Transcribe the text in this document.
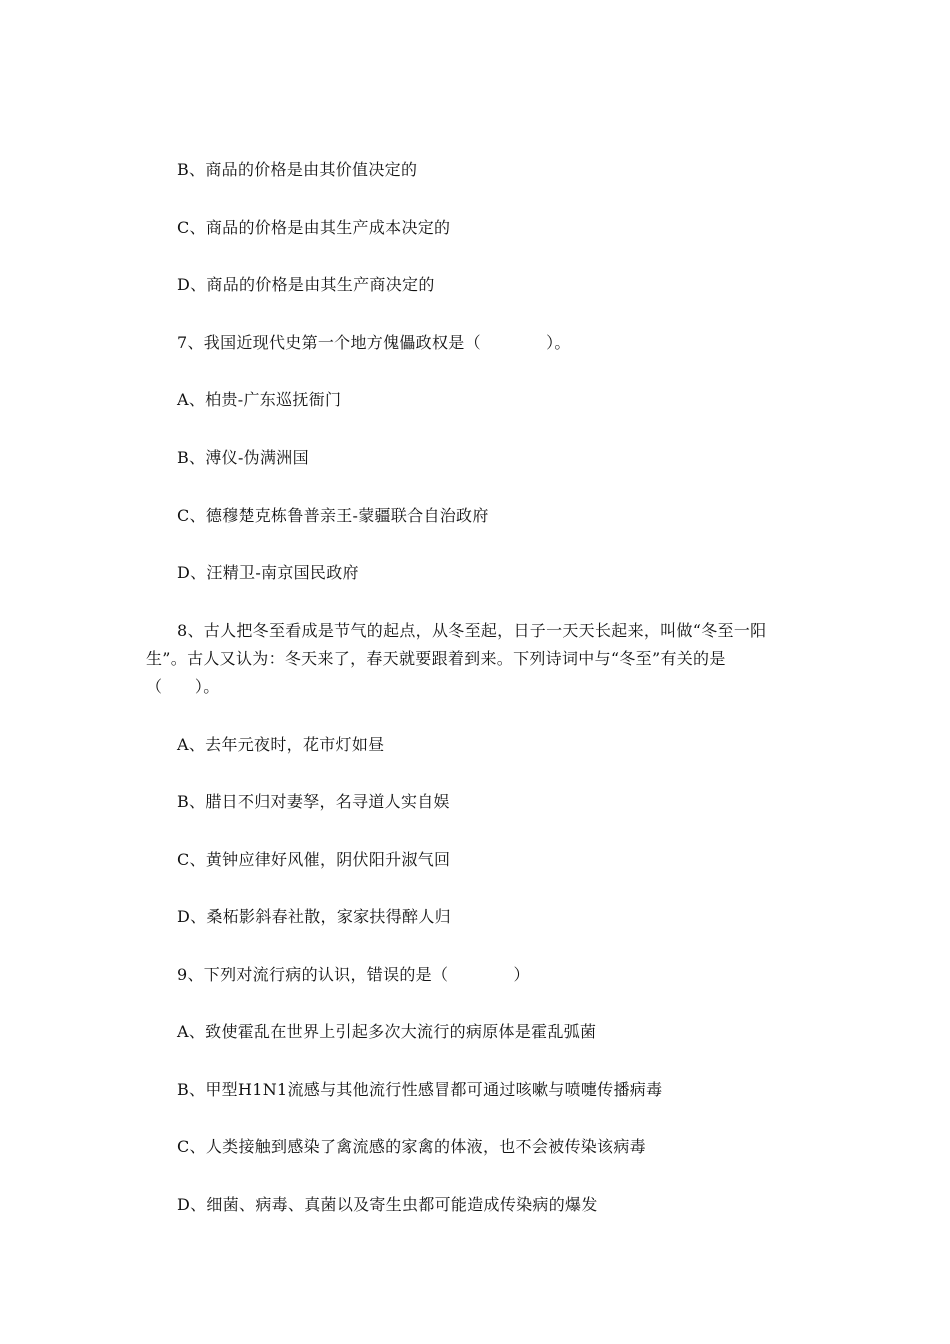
B、商品的价格是由其价值决定的
C、商品的价格是由其生产成本决定的
D、商品的价格是由其生产商决定的
7、我国近现代史第一个地方傀儡政权是（　　　　）。
A、柏贵-广东巡抚衙门
B、溥仪-伪满洲国
C、德穆楚克栋鲁普亲王-蒙疆联合自治政府
D、汪精卫-南京国民政府
8、古人把冬至看成是节气的起点，从冬至起，日子一天天长起来，叫做“冬至一阳生”。古人又认为：冬天来了，春天就要跟着到来。下列诗词中与“冬至”有关的是（　　）。
A、去年元夜时，花市灯如昼
B、腊日不归对妻孥，名寻道人实自娱
C、黄钟应律好风催，阴伏阳升淑气回
D、桑柘影斜春社散，家家扶得醉人归
9、下列对流行病的认识，错误的是（　　　　）
A、致使霍乱在世界上引起多次大流行的病原体是霍乱弧菌
B、甲型H1N1流感与其他流行性感冒都可通过咳嗽与喷嚏传播病毒
C、人类接触到感染了禽流感的家禽的体液，也不会被传染该病毒
D、细菌、病毒、真菌以及寄生虫都可能造成传染病的爆发
